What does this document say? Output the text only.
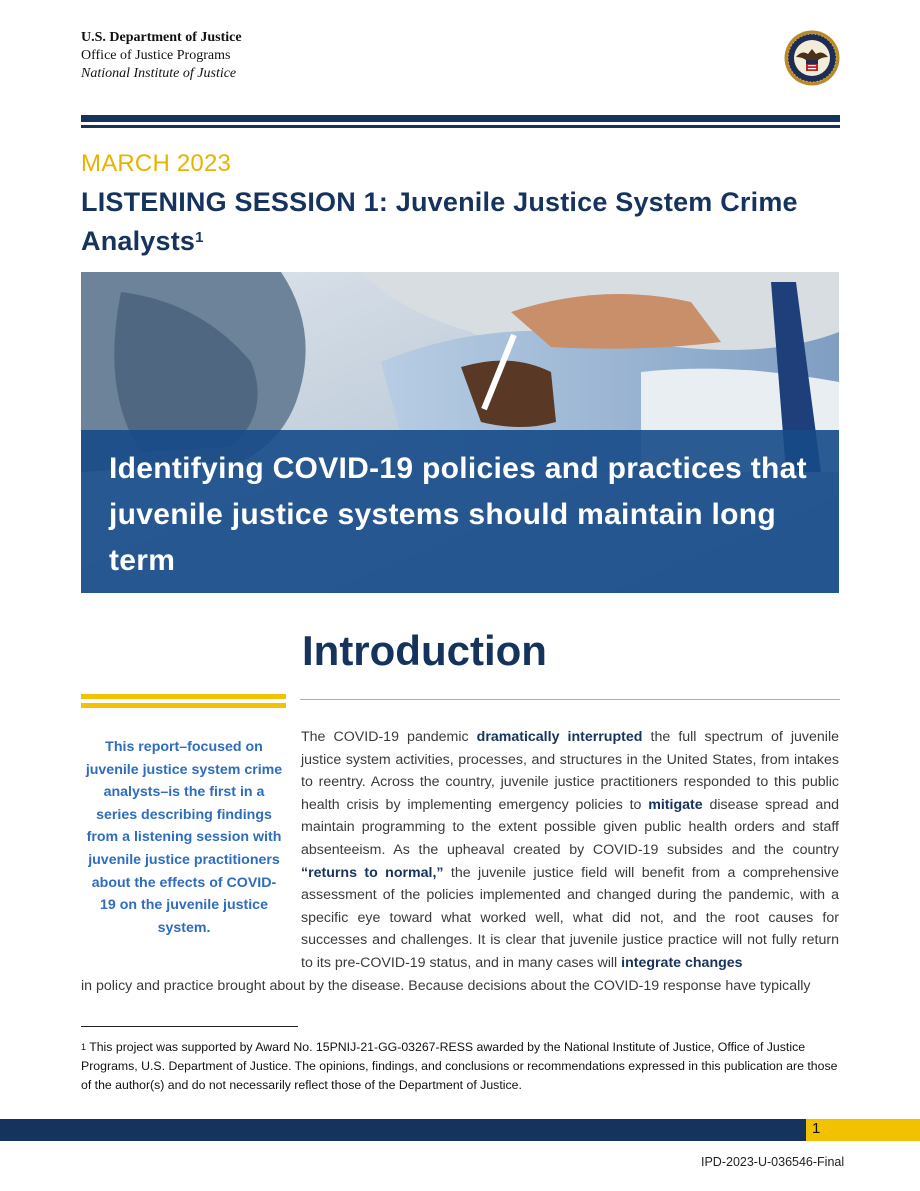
U.S. Department of Justice
Office of Justice Programs
National Institute of Justice
MARCH 2023
LISTENING SESSION 1: Juvenile Justice System Crime Analysts$^1$
Identifying COVID-19 policies and practices that juvenile justice systems should maintain long term
Introduction
This report–focused on juvenile justice system crime analysts–is the first in a series describing findings from a listening session with juvenile justice practitioners about the effects of COVID-19 on the juvenile justice system.
The COVID-19 pandemic dramatically interrupted the full spectrum of juvenile justice system activities, processes, and structures in the United States, from intakes to reentry. Across the country, juvenile justice practitioners responded to this public health crisis by implementing emergency policies to mitigate disease spread and maintain programming to the extent possible given public health orders and staff absenteeism. As the upheaval created by COVID-19 subsides and the country “returns to normal,” the juvenile justice field will benefit from a comprehensive assessment of the policies implemented and changed during the pandemic, with a specific eye toward what worked well, what did not, and the root causes for successes and challenges. It is clear that juvenile justice practice will not fully return to its pre-COVID-19 status, and in many cases will integrate changes
in policy and practice brought about by the disease. Because decisions about the COVID-19 response have typically
$^1$ This project was supported by Award No. 15PNIJ-21-GG-03267-RESS awarded by the National Institute of Justice, Office of Justice Programs, U.S. Department of Justice. The opinions, findings, and conclusions or recommendations expressed in this publication are those of the author(s) and do not necessarily reflect those of the Department of Justice.
1
IPD-2023-U-036546-Final
